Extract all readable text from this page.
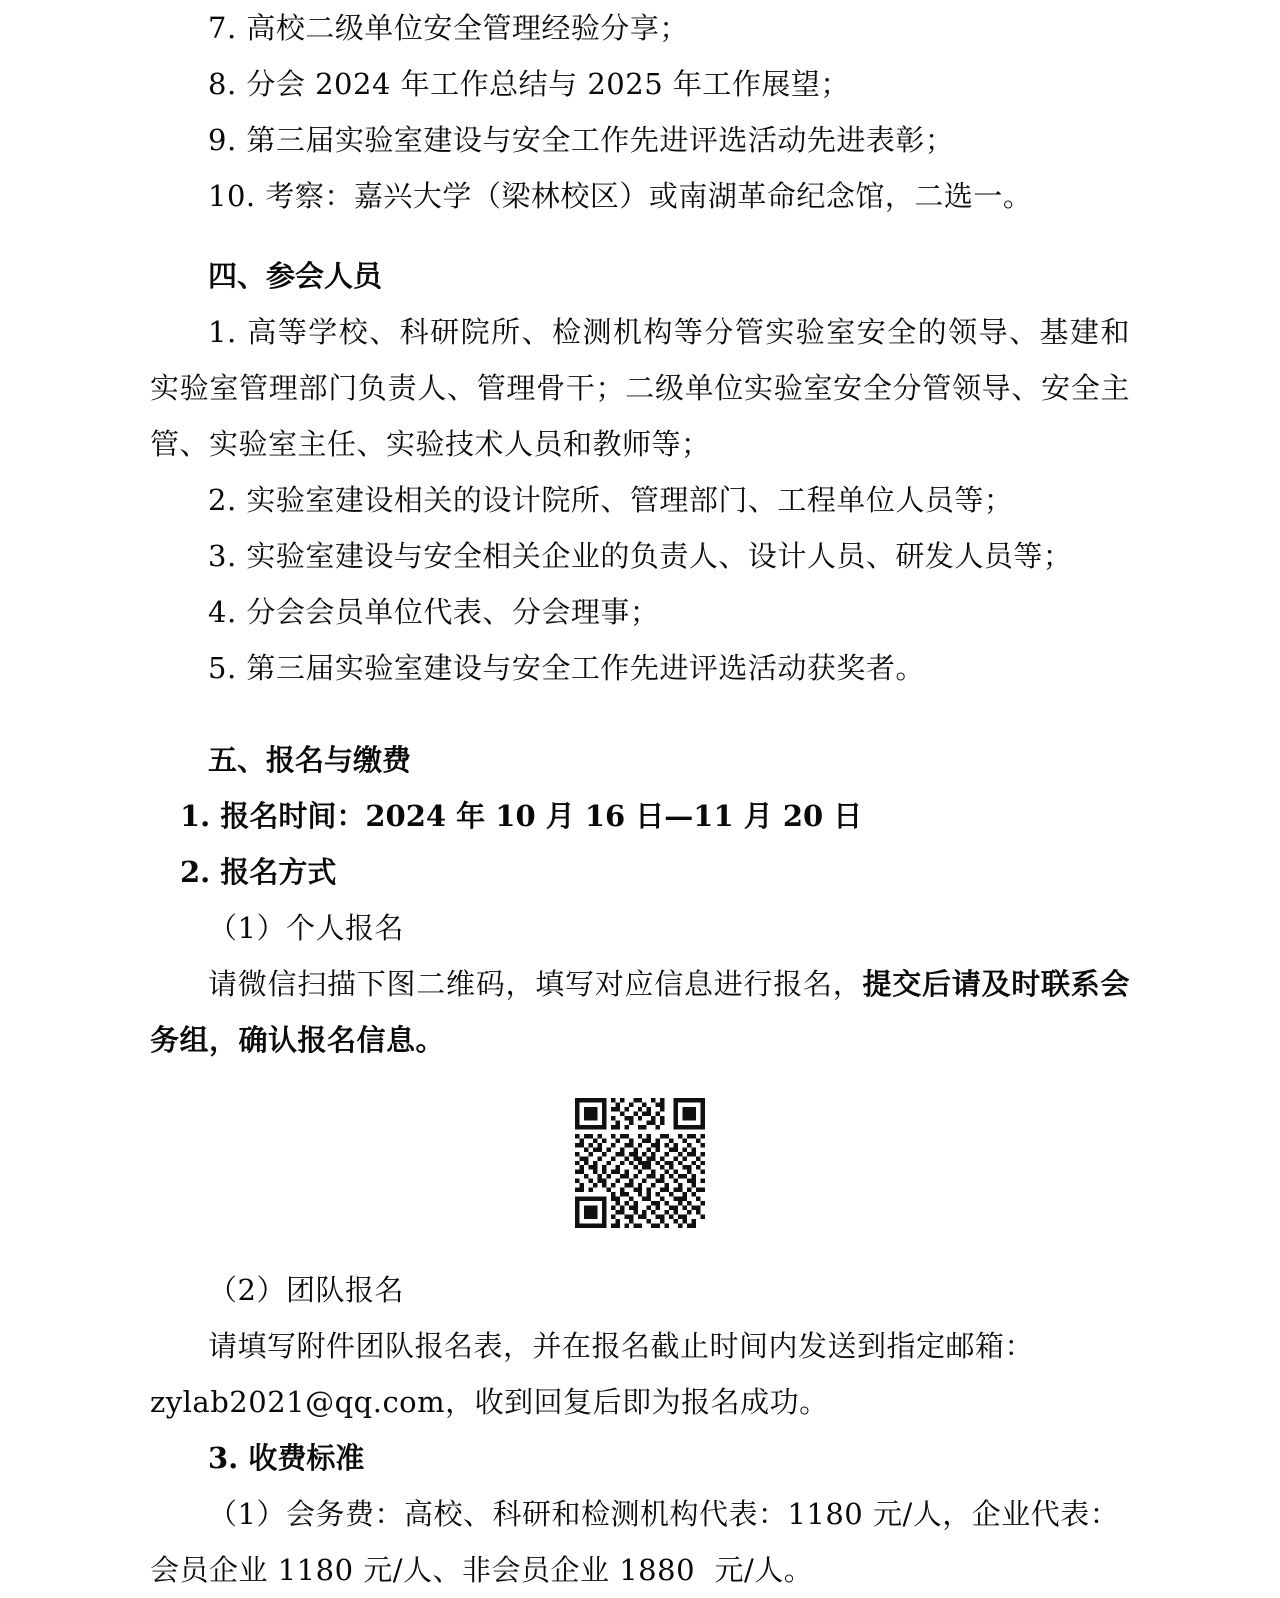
7. 高校二级单位安全管理经验分享；
8. 分会 2024 年工作总结与 2025 年工作展望；
9. 第三届实验室建设与安全工作先进评选活动先进表彰；
10. 考察：嘉兴大学（梁林校区）或南湖革命纪念馆，二选一。
四、参会人员
1. 高等学校、科研院所、检测机构等分管实验室安全的领导、基建和实验室管理部门负责人、管理骨干；二级单位实验室安全分管领导、安全主管、实验室主任、实验技术人员和教师等；
2. 实验室建设相关的设计院所、管理部门、工程单位人员等；
3. 实验室建设与安全相关企业的负责人、设计人员、研发人员等；
4. 分会会员单位代表、分会理事；
5. 第三届实验室建设与安全工作先进评选活动获奖者。
五、报名与缴费
1. 报名时间：2024 年 10 月 16 日—11 月 20 日
2. 报名方式
（1）个人报名
请微信扫描下图二维码，填写对应信息进行报名，提交后请及时联系会务组，确认报名信息。
（2）团队报名
请填写附件团队报名表，并在报名截止时间内发送到指定邮箱：
zylab2021@qq.com，收到回复后即为报名成功。
3. 收费标准
（1）会务费：高校、科研和检测机构代表：1180 元/人，企业代表：
会员企业 1180 元/人、非会员企业 1880  元/人。
